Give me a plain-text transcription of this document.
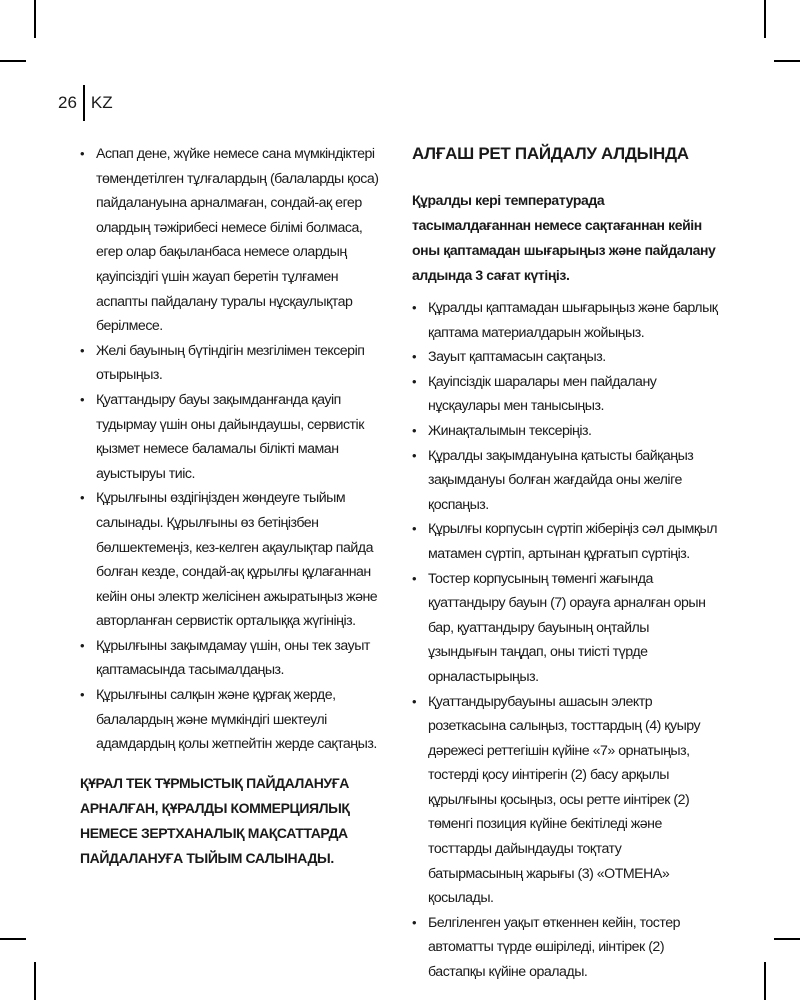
26 KZ
• Аспап дене, жүйке немесе сана мүмкіндіктері төмендетілген тұлғалардың (балаларды қоса) пайдалануына арналмаған, сондай-ақ егер олардың тәжірибесі немесе білімі болмаса, егер олар бақыланбаса немесе олардың қауіпсіздігі үшін жауап беретін тұлғамен аспапты пайдалану туралы нұсқаулықтар берілмесе.
• Желі бауының бүтіндігін мезгілімен тексеріп отырыңыз.
• Қуаттандыру бауы зақымданғанда қауіп тудырмау үшін оны дайындаушы, сервистік қызмет немесе баламалы білікті маман ауыстыруы тиіс.
• Құрылғыны өздігіңізден жөндеуге тыйым салынады. Құрылғыны өз бетіңізбен бөлшектемеңіз, кез-келген ақаулықтар пайда болған кезде, сондай-ақ құрылғы құлағаннан кейін оны электр желісінен ажыратыңыз және авторланған сервистік орталыққа жүгініңіз.
• Құрылғыны зақымдамау үшін, оны тек зауыт қаптамасында тасымалдаңыз.
• Құрылғыны салқын және құрғақ жерде, балалардың және мүмкіндігі шектеулі адамдардың қолы жетпейтін жерде сақтаңыз.
ҚҰРАЛ ТЕК ТҰРМЫСТЫҚ ПАЙДАЛАНУҒА АРНАЛҒАН, ҚҰРАЛДЫ КОММЕРЦИЯЛЫҚ НЕМЕСЕ ЗЕРТХАНАЛЫҚ МАҚСАТТАРДА ПАЙДАЛАНУҒА ТЫЙЫМ САЛЫНАДЫ.
АЛҒАШ РЕТ ПАЙДАЛУ АЛДЫНДА
Құралды кері температурада тасымалдағаннан немесе сақтағаннан кейін оны қаптамадан шығарыңыз және пайдалану алдында 3 сағат күтіңіз.
• Құралды қаптамадан шығарыңыз және барлық қаптама материалдарын жойыңыз.
• Зауыт қаптамасын сақтаңыз.
• Қауіпсіздік шаралары мен пайдалану нұсқаулары мен танысыңыз.
• Жинақталымын тексеріңіз.
• Құралды зақымдануына қатысты байқаңыз зақымдануы болған жағдайда оны желіге қоспаңыз.
• Құрылғы корпусын сүртіп жіберіңіз сәл дымқыл матамен сүртіп, артынан құрғатып сүртіңіз.
• Тостер корпусының төменгі жағында қуаттандыру бауын (7) орауға арналған орын бар, қуаттандыру бауының оңтайлы ұзындығын таңдап, оны тиісті түрде орналастырыңыз.
• Қуаттандырубауыны ашасын электр розеткасына салыңыз, тосттардың (4) қуыру дәрежесі реттегішін күйіне «7» орнатыңыз, тостерді қосу иінтірегін (2) басу арқылы құрылғыны қосыңыз, осы ретте иінтірек (2) төменгі позиция күйіне бекітіледі және тосттарды дайындауды тоқтату батырмасының жарығы (3) «ОТМЕНА» қосылады.
• Белгіленген уақыт өткеннен кейін, тостер автоматты түрде өшіріледі, иінтірек (2) бастапқы күйіне оралады.
